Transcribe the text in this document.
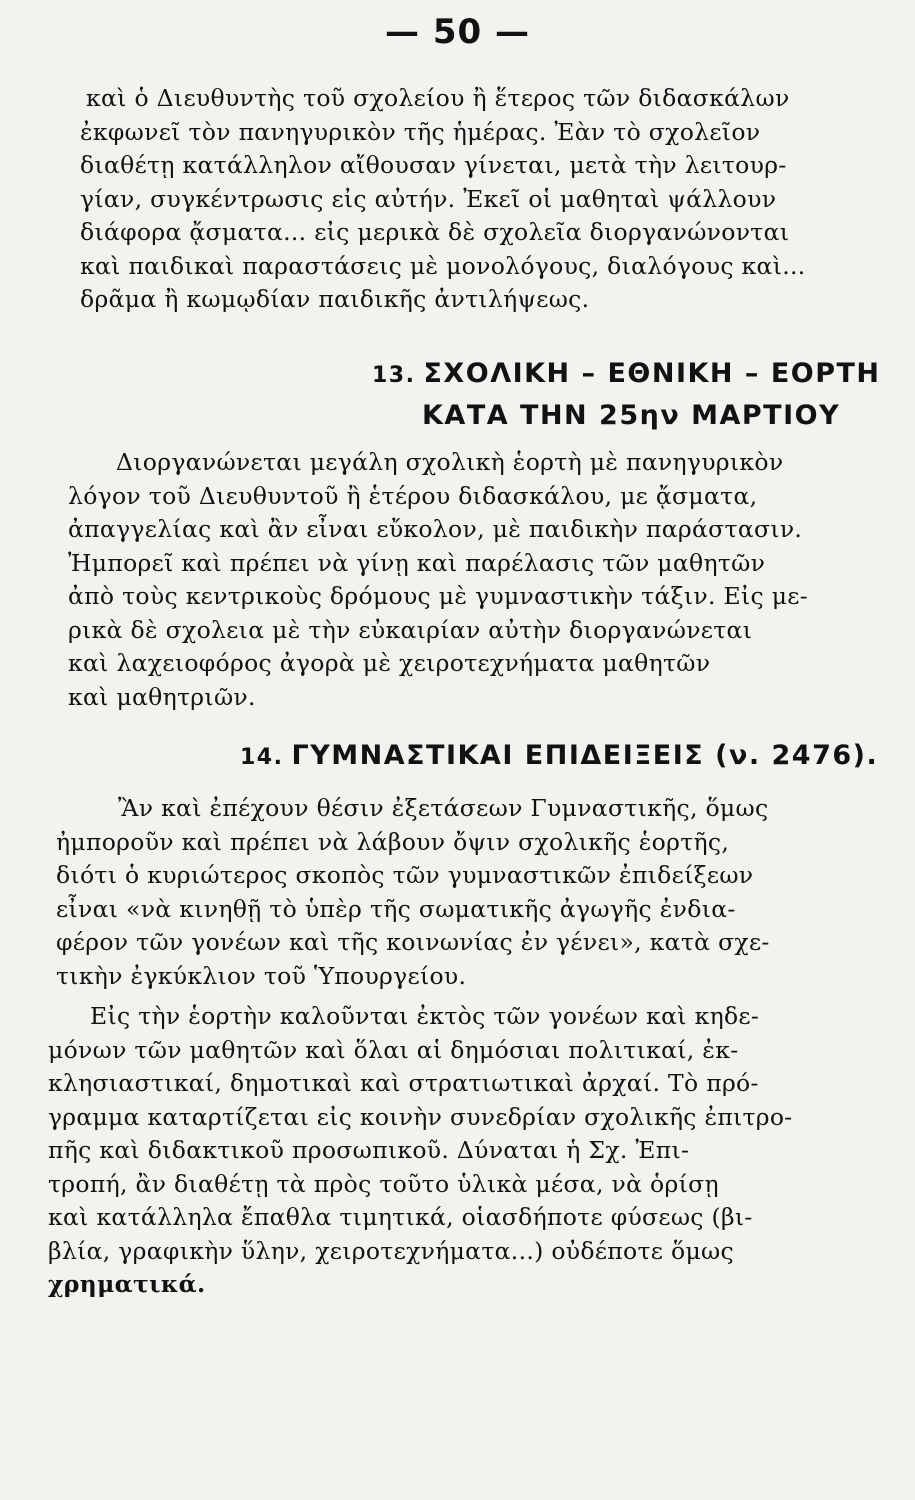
— 50 —
καὶ ὁ Διευθυντὴς τοῦ σχολείου ἢ ἕτερος τῶν διδασκάλων
ἐκφωνεῖ τὸν πανηγυρικὸν τῆς ἡμέρας. Ἐὰν τὸ σχολεῖον
διαθέτῃ κατάλληλον αἴθουσαν γίνεται, μετὰ τὴν λειτουρ-
γίαν, συγκέντρωσις εἰς αὐτήν. Ἐκεῖ οἱ μαθηταὶ ψάλλουν
διάφορα ᾄσματα... εἰς μερικὰ δὲ σχολεῖα διοργανώνονται
καὶ παιδικαὶ παραστάσεις μὲ μονολόγους, διαλόγους καὶ...
δρᾶμα ἢ κωμῳδίαν παιδικῆς ἀντιλήψεως.
13. ΣΧΟΛΙΚΗ – ΕΘΝΙΚΗ – ΕΟΡΤΗ
ΚΑΤΑ ΤΗΝ 25ην ΜΑΡΤΙΟΥ
Διοργανώνεται μεγάλη σχολικὴ ἑορτὴ μὲ πανηγυρικὸν
λόγον τοῦ Διευθυντοῦ ἢ ἑτέρου διδασκάλου, με ᾄσματα,
ἀπαγγελίας καὶ ἂν εἶναι εὔκολον, μὲ παιδικὴν παράστασιν.
Ἠμπορεῖ καὶ πρέπει νὰ γίνῃ καὶ παρέλασις τῶν μαθητῶν
ἀπὸ τοὺς κεντρικοὺς δρόμους μὲ γυμναστικὴν τάξιν. Εἰς με-
ρικὰ δὲ σχολεια μὲ τὴν εὐκαιρίαν αὐτὴν διοργανώνεται
καὶ λαχειοφόρος ἀγορὰ μὲ χειροτεχνήματα μαθητῶν
καὶ μαθητριῶν.
14. ΓΥΜΝΑΣΤΙΚΑΙ ΕΠΙΔΕΙΞΕΙΣ (ν. 2476).
Ἂν καὶ ἐπέχουν θέσιν ἐξετάσεων Γυμναστικῆς, ὅμως
ἠμποροῦν καὶ πρέπει νὰ λάβουν ὄψιν σχολικῆς ἑορτῆς,
διότι ὁ κυριώτερος σκοπὸς τῶν γυμναστικῶν ἐπιδείξεων
εἶναι «νὰ κινηθῇ τὸ ὑπὲρ τῆς σωματικῆς ἀγωγῆς ἐνδια-
φέρον τῶν γονέων καὶ τῆς κοινωνίας ἐν γένει», κατὰ σχε-
τικὴν ἐγκύκλιον τοῦ Ὑπουργείου.
Εἰς τὴν ἑορτὴν καλοῦνται ἐκτὸς τῶν γονέων καὶ κηδε-
μόνων τῶν μαθητῶν καὶ ὅλαι αἱ δημόσιαι πολιτικαί, ἐκ-
κλησιαστικαί, δημοτικαὶ καὶ στρατιωτικαὶ ἀρχαί. Τὸ πρό-
γραμμα καταρτίζεται εἰς κοινὴν συνεδρίαν σχολικῆς ἐπιτρο-
πῆς καὶ διδακτικοῦ προσωπικοῦ. Δύναται ἡ Σχ. Ἐπι-
τροπή, ἂν διαθέτῃ τὰ πρὸς τοῦτο ὑλικὰ μέσα, νὰ ὁρίσῃ
καὶ κατάλληλα ἔπαθλα τιμητικά, οἱασδήποτε φύσεως (βι-
βλία, γραφικὴν ὕλην, χειροτεχνήματα...) οὐδέποτε ὅμως
χρηματικά.
